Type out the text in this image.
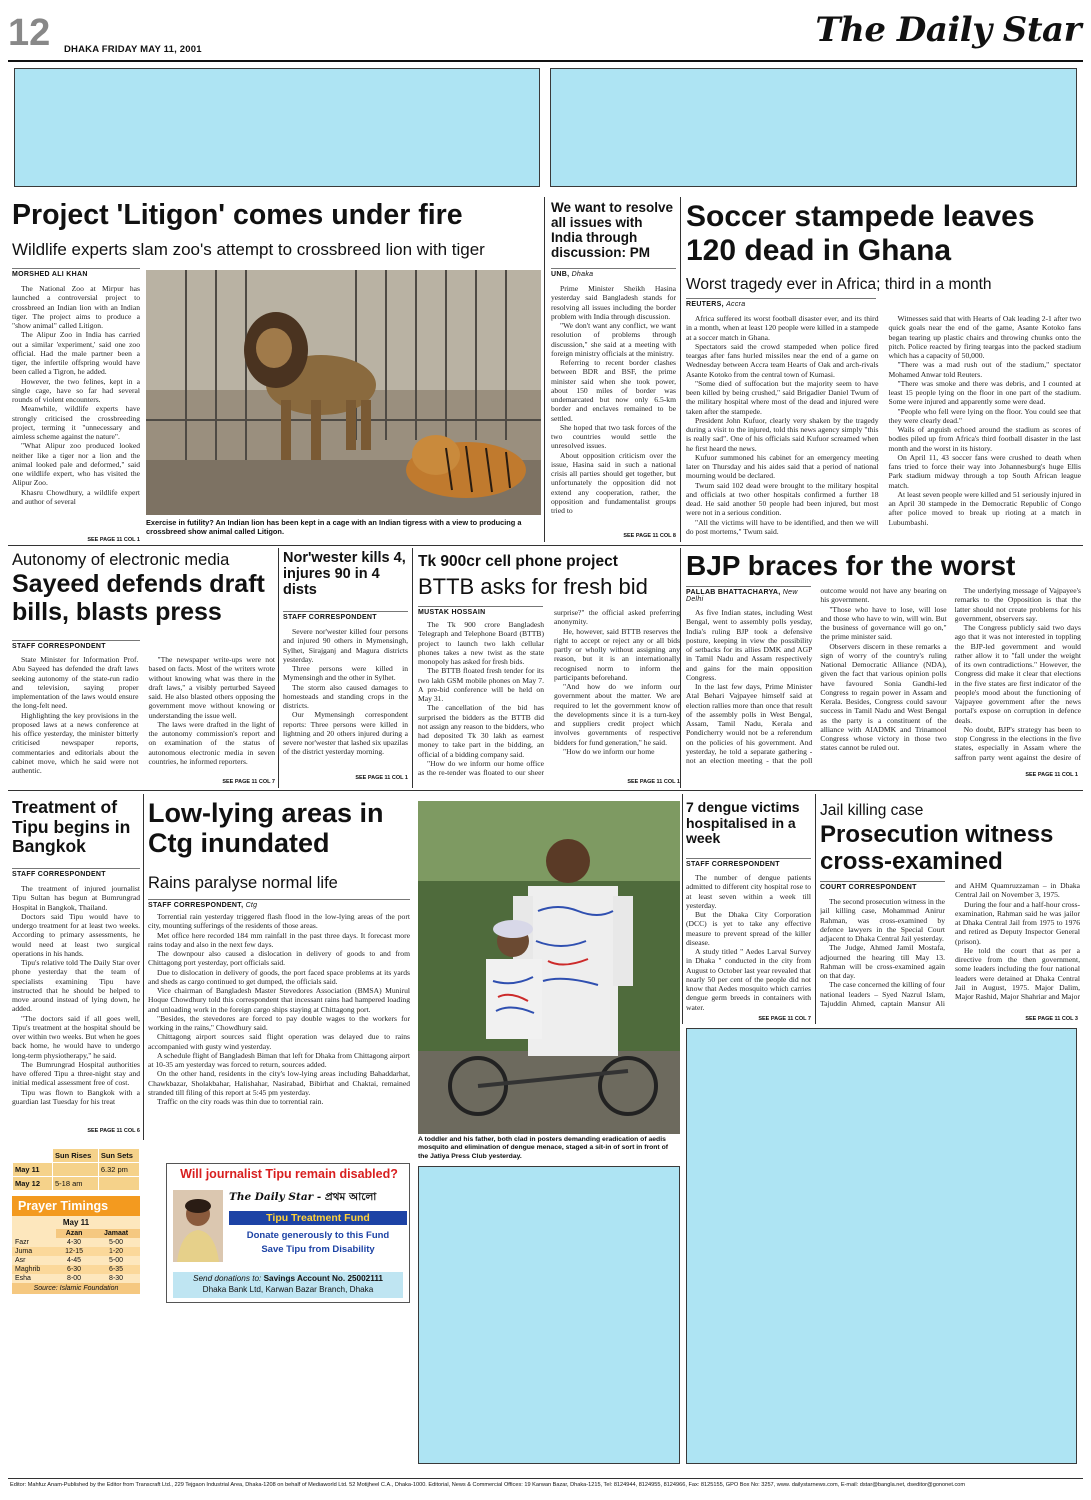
12 DHAKA FRIDAY MAY 11, 2001	The Daily Star
Project 'Litigon' comes under fire
Wildlife experts slam zoo's attempt to crossbreed lion with tiger
MORSHED ALI KHAN

The National Zoo at Mirpur has launched a controversial project to crossbreed an Indian lion with an Indian tiger. The project aims to produce a "show animal" called Litigon.

The Alipur Zoo in India has carried out a similar 'experiment,' said one zoo official. Had the male partner been a tiger, the infertile offspring would have been called a Tigron, he added.

However, the two felines, kept in a single cage, have so far had several rounds of violent encounters.

Meanwhile, wildlife experts have strongly criticised the crossbreeding project, terming it "unnecessary and aimless scheme against the nature".

"What Alipur zoo produced looked neither like a tiger nor a lion and the animal looked pale and deformed," said one wildlife expert, who has visited the Alipur Zoo.

Khasru Chowdhury, a wildlife expert and author of several

SEE PAGE 11 COL 1
Exercise in futility? An Indian lion has been kept in a cage with an Indian tigress with a view to producing a crossbreed show animal called Litigon.
We want to resolve all issues with India through discussion: PM
UNB, Dhaka

Prime Minister Sheikh Hasina yesterday said Bangladesh stands for resolving all issues including the border problem with India through discussion.

"We don't want any conflict, we want resolution of problems through discussion," she said at a meeting with foreign ministry officials at the ministry.

Referring to recent border clashes between BDR and BSF, the prime minister said when she took power, about 150 miles of border was undemarcated but now only 6.5-km border and enclaves remained to be settled.

She hoped that two task forces of the two countries would settle the unresolved issues.

About opposition criticism over the issue, Hasina said in such a national crisis all parties should get together, but unfortunately the opposition did not extend any cooperation, rather, the opposition and fundamentalist groups tried to

SEE PAGE 11 COL 8
Soccer stampede leaves 120 dead in Ghana
Worst tragedy ever in Africa; third in a month
REUTERS, Accra

Africa suffered its worst football disaster ever, and its third in a month, when at least 120 people were killed in a stampede at a soccer match in Ghana.

Spectators said the crowd stampeded when police fired teargas after fans hurled missiles near the end of a game on Wednesday between Accra team Hearts of Oak and arch-rivals Asante Kotoko from the central town of Kumasi.

"Some died of suffocation but the majority seem to have been killed by being crushed," said Brigadier Daniel Twum of the military hospital where most of the dead and injured were taken after the stampede.

President John Kufuor, clearly very shaken by the tragedy during a visit to the injured, told this news agency simply "this is really sad". One of his officials said Kufuor screamed when he first heard the news.

Kufuor summoned his cabinet for an emergency meeting later on Thursday and his aides said that a period of national mourning would be declared.

Twum said 102 dead were brought to the military hospital and officials at two other hospitals confirmed a further 18 dead. He said another 50 people had been injured, but most were not in a serious condition.

"All the victims will have to be identified, and then we will do post mortems," Twum said.

Witnesses said that with Hearts of Oak leading 2-1 after two quick goals near the end of the game, Asante Kotoko fans began tearing up plastic chairs and throwing chunks onto the pitch. Police reacted by firing teargas into the packed stadium which has a capacity of 50,000.

"There was a mad rush out of the stadium," spectator Mohamed Anwar told Reuters.

"There was smoke and there was debris, and I counted at least 15 people lying on the floor in one part of the stadium. Some were injured and apparently some were dead.

"People who fell were lying on the floor. You could see that they were clearly dead."

Wails of anguish echoed around the stadium as scores of bodies piled up from Africa's third football disaster in the last month and the worst in its history.

On April 11, 43 soccer fans were crushed to death when fans tried to force their way into Johannesburg's huge Ellis Park stadium midway through a top South African league match.

At least seven people were killed and 51 seriously injured in an April 30 stampede in the Democratic Republic of Congo after police moved to break up rioting at a match in Lubumbashi.

Autonomy of electronic media
Sayeed defends draft bills, blasts press
STAFF CORRESPONDENT

State Minister for Information Prof. Abu Sayeed has defended the draft laws seeking autonomy of the state-run radio and television, saying proper implementation of the laws would ensure the long-felt need.

Highlighting the key provisions in the proposed laws at a news conference at his office yesterday, the minister bitterly criticised newspaper reports, commentaries and editorials about the cabinet move, which he said were not authentic.

"The newspaper write-ups were not based on facts. Most of the writers wrote without knowing what was there in the draft laws," a visibly perturbed Sayeed said. He also blasted others opposing the government move without knowing or understanding the issue well.

The laws were drafted in the light of the autonomy commission's report and on examination of the status of autonomous electronic media in seven countries, he informed reporters.

SEE PAGE 11 COL 7
Nor'wester kills 4, injures 90 in 4 dists
STAFF CORRESPONDENT

Severe nor'wester killed four persons and injured 90 others in Mymensingh, Sylhet, Sirajganj and Magura districts yesterday.

Three persons were killed in Mymensingh and the other in Sylhet.

The storm also caused damages to homesteads and standing crops in the districts.

Our Mymensingh correspondent reports: Three persons were killed in lightning and 20 others injured during a severe nor'wester that lashed six upazilas of the district yesterday morning.

SEE PAGE 11 COL 1
Tk 900cr cell phone project
BTTB asks for fresh bid
MUSTAK HOSSAIN

The Tk 900 crore Bangladesh Telegraph and Telephone Board (BTTB) project to launch two lakh cellular phones takes a new twist as the state monopoly has asked for fresh bids.

The BTTB floated fresh tender for its two lakh GSM mobile phones on May 7. A pre-bid conference will be held on May 31.

The cancellation of the bid has surprised the bidders as the BTTB did not assign any reason to the bidders, who had deposited Tk 30 lakh as earnest money to take part in the bidding, an official of a bidding company said.

"How do we inform our home office as the re-tender was floated to our sheer surprise?" the official asked preferring anonymity.

He, however, said BTTB reserves the right to accept or reject any or all bids partly or wholly without assigning any reason, but it is an internationally recognised norm to inform the participants beforehand.

"And how do we inform our government about the matter. We are required to let the government know of the developments since it is a turn-key and suppliers credit project which involves governments of respective bidders for fund generation," he said.

"How do we inform our home

SEE PAGE 11 COL 1
BJP braces for the worst
PALLAB BHATTACHARYA, New Delhi

As five Indian states, including West Bengal, went to assembly polls yesday, India's ruling BJP took a defensive posture, keeping in view the possibility of setbacks for its allies DMK and AGP in Tamil Nadu and Assam respectively and gains for the main opposition Congress.

In the last few days, Prime Minister Atal Behari Vajpayee himself said at election rallies more than once that result of the assembly polls in West Bengal, Assam, Tamil Nadu, Kerala and Pondicherry would not be a referendum on the policies of his government. And yesterday, he told a separate gathering - not an election meeting - that the poll outcome would not have any bearing on his government.

"Those who have to lose, will lose and those who have to win, will win. But the business of governance will go on," the prime minister said.

Observers discern in these remarks a sign of worry of the country's ruling National Democratic Alliance (NDA), given the fact that various opinion polls have favoured Sonia Gandhi-led Congress to regain power in Assam and Kerala. Besides, Congress could savour success in Tamil Nadu and West Bengal as the party is a constituent of the alliance with AIADMK and Trinamool Congress whose victory in those two states cannot be ruled out.

The underlying message of Vajpayee's remarks to the Opposition is that the latter should not create problems for his government, observers say.

The Congress publicly said two days ago that it was not interested in toppling the BJP-led government and would rather allow it to "fall under the weight of its own contradictions." However, the Congress did make it clear that elections in the five states are first indicator of the people's mood about the functioning of Vajpayee government after the news portal's expose on corruption in defence deals.

No doubt, BJP's strategy has been to stop Congress in the elections in the five states, especially in Assam where the saffron party went against the desire of

SEE PAGE 11 COL 1
Treatment of Tipu begins in Bangkok
STAFF CORRESPONDENT

The treatment of injured journalist Tipu Sultan has begun at Bumrungrad Hospital in Bangkok, Thailand.

Doctors said Tipu would have to undergo treatment for at least two weeks. According to primary assessments, he would need at least two surgical operations in his hands.

Tipu's relative told The Daily Star over phone yesterday that the team of specialists examining Tipu have instructed that he should be helped to move around instead of lying down, he added.

"The doctors said if all goes well, Tipu's treatment at the hospital should be over within two weeks. But when he goes back home, he would have to undergo long-term physiotherapy," he said.

The Bumrungrad Hospital authorities have offered Tipu a three-night stay and initial medical assessment free of cost.

Tipu was flown to Bangkok with a guardian last Tuesday for his treat

SEE PAGE 11 COL 6
Low-lying areas in Ctg inundated
Rains paralyse normal life
STAFF CORRESPONDENT, Ctg

Torrential rain yesterday triggered flash flood in the low-lying areas of the port city, mounting sufferings of the residents of those areas.

Met office here recorded 184 mm rainfall in the past three days. It forecast more rains today and also in the next few days.

The downpour also caused a dislocation in delivery of goods to and from Chittagong port yesterday, port officials said.

Due to dislocation in delivery of goods, the port faced space problems at its yards and sheds as cargo continued to get dumped, the officials said.

Vice chairman of Bangladesh Master Stevedores Association (BMSA) Munirul Hoque Chowdhury told this correspondent that incessant rains had hampered loading and unloading work in the foreign cargo ships staying at Chittagong port.

"Besides, the stevedores are forced to pay double wages to the workers for working in the rains," Chowdhury said.

Chittagong airport sources said flight operation was delayed due to rains accompanied with gusty wind yesterday.

A schedule flight of Bangladesh Biman that left for Dhaka from Chittagong airport at 10-35 am yesterday was forced to return, sources added.

On the other hand, residents in the city's low-lying areas including Bahaddarhat, Chawkbazar, Sholakbahar, Halishahar, Nasirabad, Bibirhat and Chaktai, remained stranded till filing of this report at 5:45 pm yesterday.

Traffic on the city roads was thin due to torrential rain.

A toddler and his father, both clad in posters demanding eradication of aedis mosquito and elimination of dengue menace, staged a sit-in of sort in front of the Jatiya Press Club yesterday.
7 dengue victims hospitalised in a week
STAFF CORRESPONDENT

The number of dengue patients admitted to different city hospital rose to at least seven within a week till yesterday.

But the Dhaka City Corporation (DCC) is yet to take any effective measure to prevent spread of the killer disease.

A study titled " Aedes Larval Survey in Dhaka " conducted in the city from August to October last year revealed that nearly 50 per cent of the people did not know that Aedes mosquito which carries dengue germ breeds in containers with water.

SEE PAGE 11 COL 7
Jail killing case
Prosecution witness cross-examined
COURT CORRESPONDENT

The second prosecution witness in the jail killing case, Mohammad Anirur Rahman, was cross-examined by defence lawyers in the Special Court adjacent to Dhaka Central Jail yesterday.

The Judge, Ahmed Jamil Mostafa, adjourned the hearing till May 13. Rahman will be cross-examined again on that day.

The case concerned the killing of four national leaders – Syed Nazrul Islam, Tajuddin Ahmed, captain Mansur Ali and AHM Quamruzzaman – in Dhaka Central Jail on November 3, 1975.

During the four and a half-hour cross-examination, Rahman said he was jailor at Dhaka Central Jail from 1975 to 1976 and retired as Deputy Inspector General (prison).

He told the court that as per a directive from the then government, some leaders including the four national leaders were detained at Dhaka Central Jail in August, 1975. Major Dalim, Major Rashid, Major Shahriar and Major

SEE PAGE 11 COL 3
	Sun Rises	Sun Sets
May 11		6.32 pm
May 12	5-18 am	
Prayer Timings
May 11
	Azan	Jamaat
Fazr	4-30	5-00
Juma	12-15	1-20
Asr	4-45	5-00
Maghrib	6-30	6-35
Esha	8-00	8-30
Source: Islamic Foundation
Will journalist Tipu remain disabled?
The Daily Star - প্রথম আলো
Tipu Treatment Fund
Donate generously to this Fund
Save Tipu from Disability
Send donations to: Savings Account No. 25002111
Dhaka Bank Ltd, Karwan Bazar Branch, Dhaka
Editor: Mahfuz Anam-Published by the Editor from Transcraft Ltd., 229 Tejgaon Industrial Area, Dhaka-1208 on behalf of Mediaworld Ltd. 52 Motijheel C.A., Dhaka-1000. Editorial, News & Commercial Offices: 19 Karwan Bazar, Dhaka-1215, Tel: 8124944, 8124955, 8124966, Fax: 8125155, GPO Box No: 3257, www. dailystarnews.com, E-mail: dstar@bangla.net, dseditor@gononet.com
